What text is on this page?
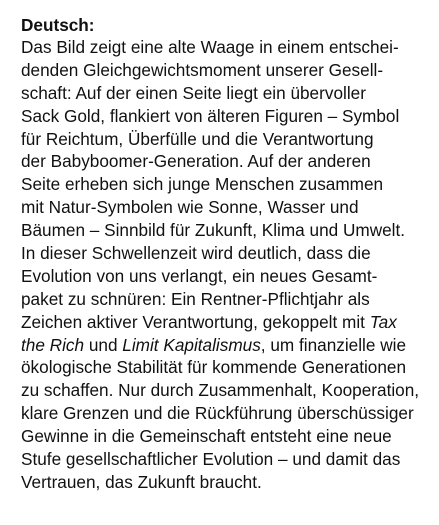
Deutsch:

Das Bild zeigt eine alte Waage in einem entschei-
denden Gleichgewichtsmoment unserer Gesell-
schaft: Auf der einen Seite liegt ein übervoller
Sack Gold, flankiert von älteren Figuren – Symbol
für Reichtum, Überfülle und die Verantwortung
der Babyboomer-Generation. Auf der anderen
Seite erheben sich junge Menschen zusammen
mit Natur-Symbolen wie Sonne, Wasser und
Bäumen – Sinnbild für Zukunft, Klima und Umwelt.
In dieser Schwellenzeit wird deutlich, dass die
Evolution von uns verlangt, ein neues Gesamt-
paket zu schnüren: Ein Rentner-Pflichtjahr als
Zeichen aktiver Verantwortung, gekoppelt mit Tax
the Rich und Limit Kapitalismus, um finanzielle wie
ökologische Stabilität für kommende Generationen
zu schaffen. Nur durch Zusammenhalt, Kooperation,
klare Grenzen und die Rückführung überschüssiger
Gewinne in die Gemeinschaft entsteht eine neue
Stufe gesellschaftlicher Evolution – und damit das
Vertrauen, das Zukunft braucht.
